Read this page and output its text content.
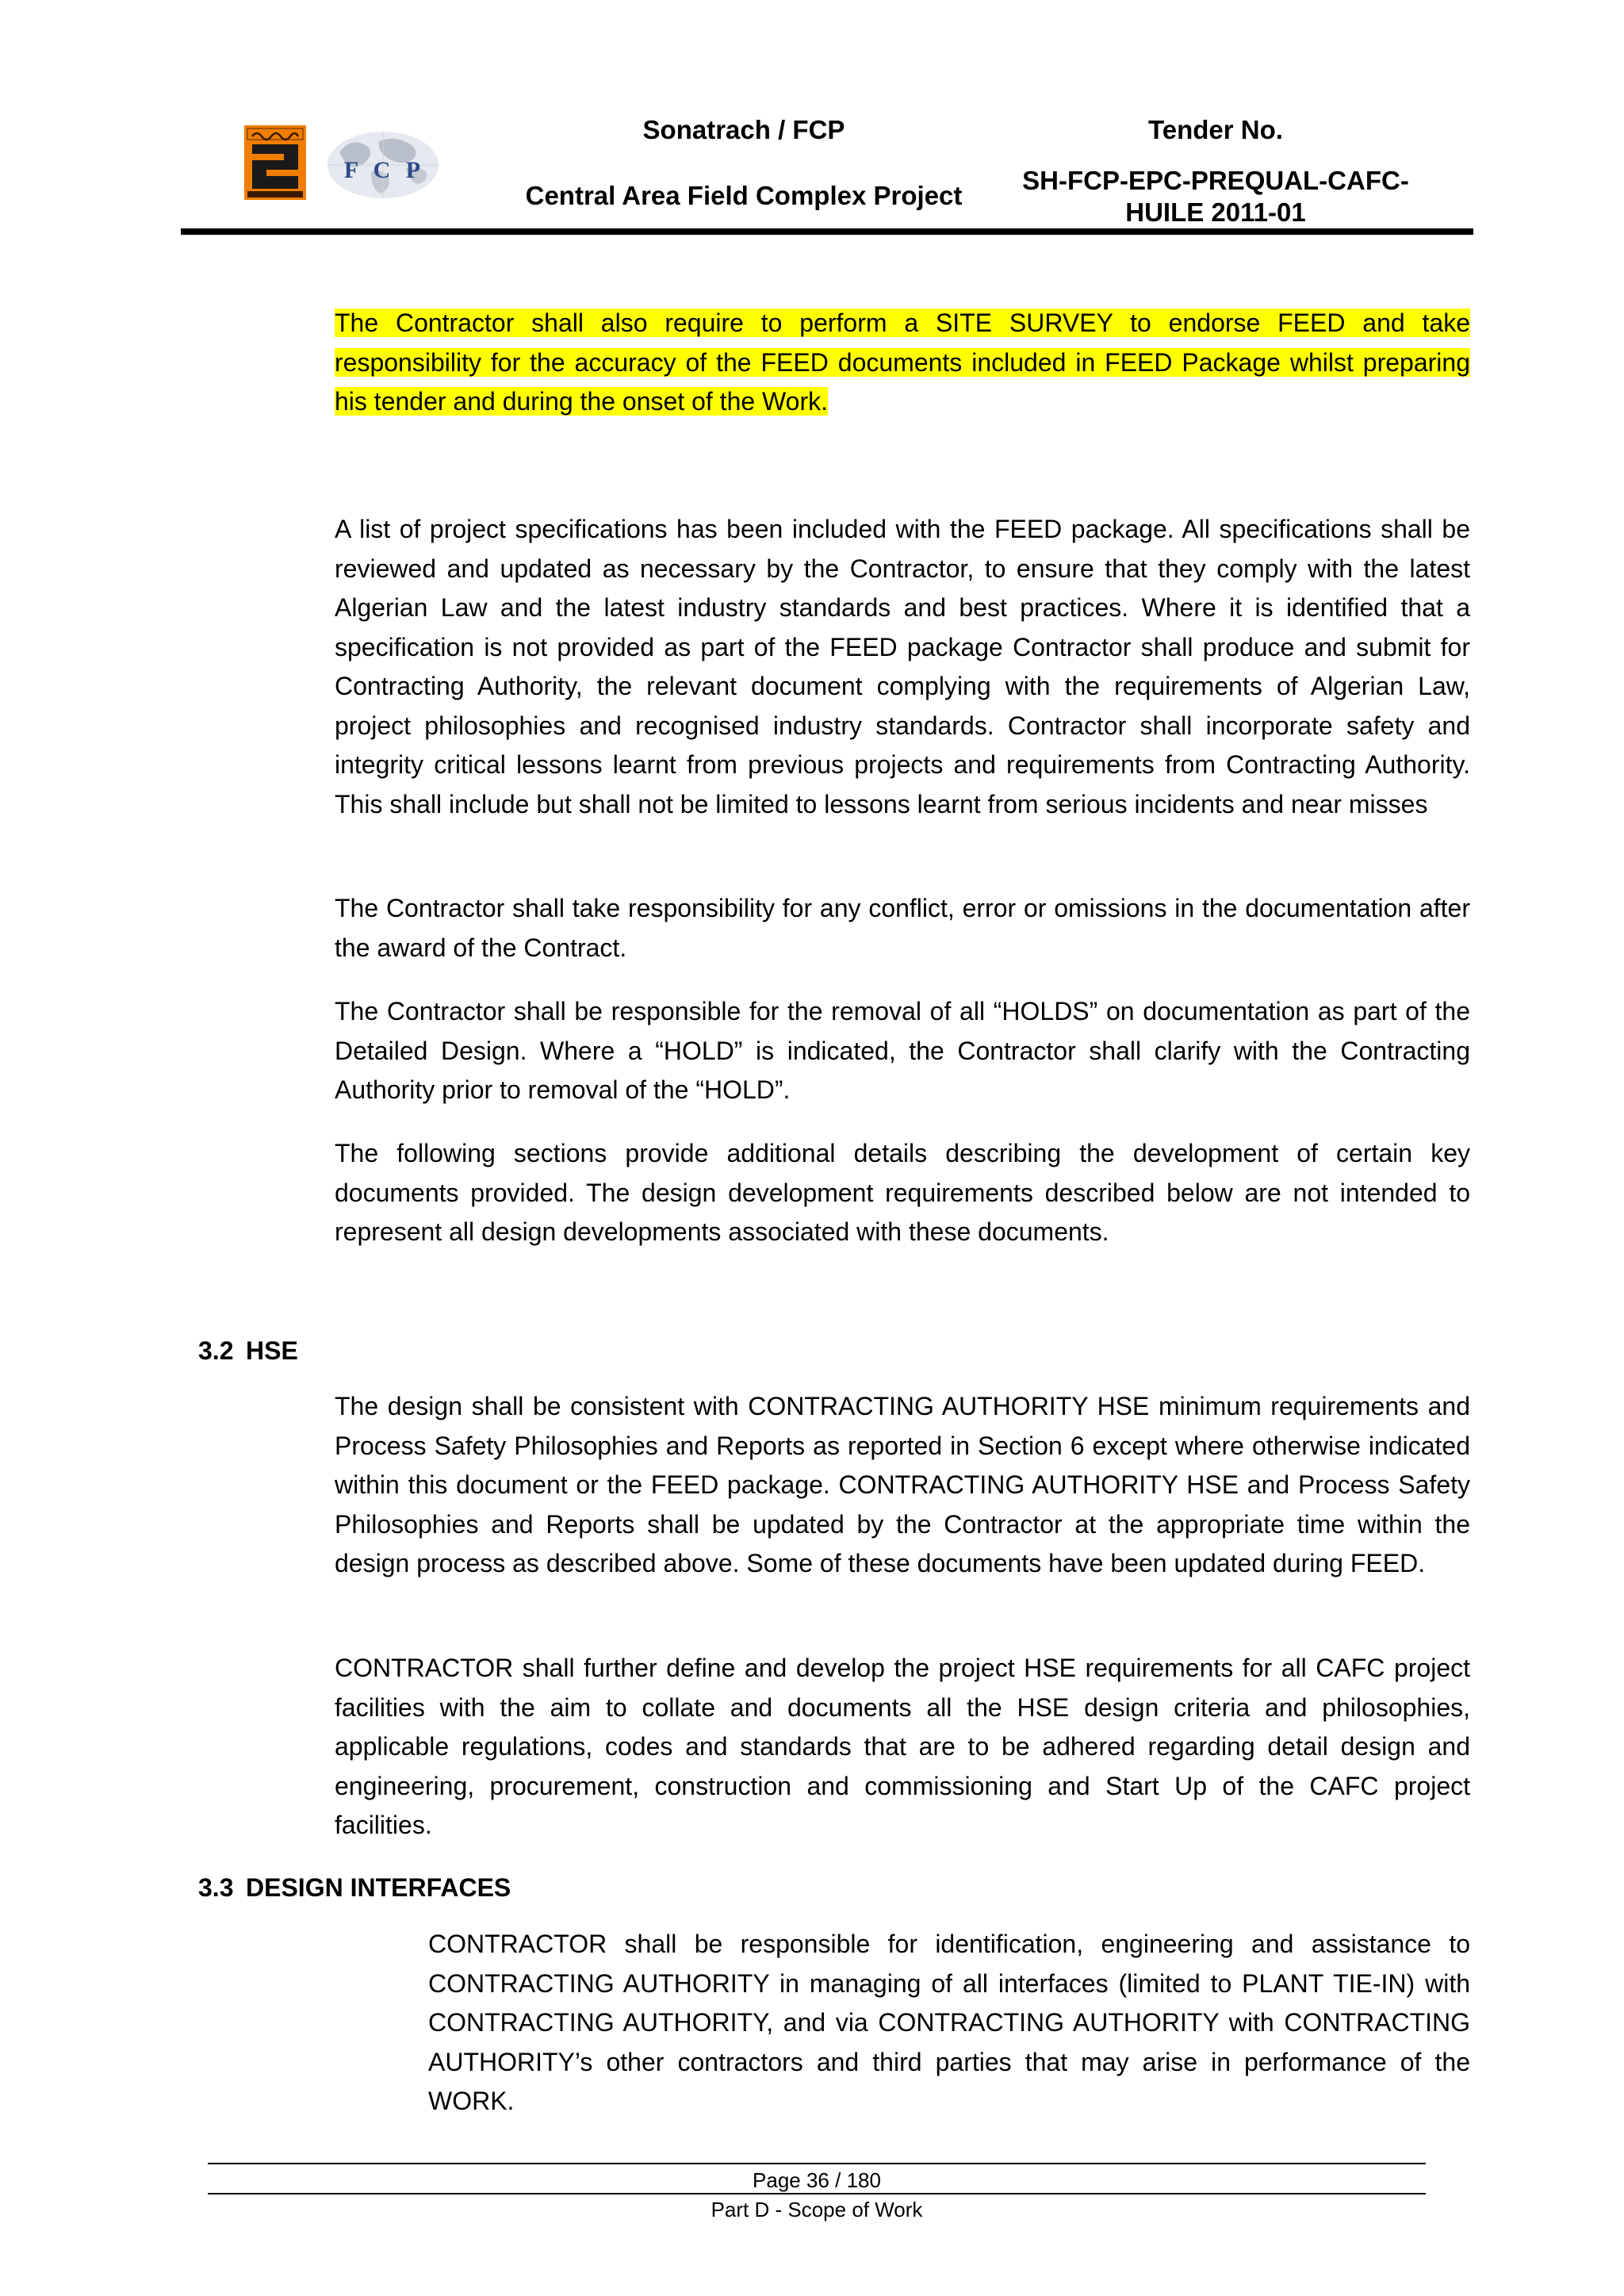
F C P
Sonatrach / FCP
Central Area Field Complex Project
Tender No.
SH-FCP-EPC-PREQUAL-CAFC-HUILE 2011-01
The Contractor shall also require to perform a SITE SURVEY to endorse FEED and take responsibility for the accuracy of the FEED documents included in FEED Package whilst preparing his tender and during the onset of the Work.
A list of project specifications has been included with the FEED package. All specifications shall be reviewed and updated as necessary by the Contractor, to ensure that they comply with the latest Algerian Law and the latest industry standards and best practices. Where it is identified that a specification is not provided as part of the FEED package Contractor shall produce and submit for Contracting Authority, the relevant document complying with the requirements of Algerian Law, project philosophies and recognised industry standards. Contractor shall incorporate safety and integrity critical lessons learnt from previous projects and requirements from Contracting Authority. This shall include but shall not be limited to lessons learnt from serious incidents and near misses
The Contractor shall take responsibility for any conflict, error or omissions in the documentation after the award of the Contract.
The Contractor shall be responsible for the removal of all “HOLDS” on documentation as part of the Detailed Design. Where a “HOLD” is indicated, the Contractor shall clarify with the Contracting Authority prior to removal of the “HOLD”.
The following sections provide additional details describing the development of certain key documents provided. The design development requirements described below are not intended to represent all design developments associated with these documents.
3.2 HSE
The design shall be consistent with CONTRACTING AUTHORITY HSE minimum requirements and Process Safety Philosophies and Reports as reported in Section 6 except where otherwise indicated within this document or the FEED package. CONTRACTING AUTHORITY HSE and Process Safety Philosophies and Reports shall be updated by the Contractor at the appropriate time within the design process as described above. Some of these documents have been updated during FEED.
CONTRACTOR shall further define and develop the project HSE requirements for all CAFC project facilities with the aim to collate and documents all the HSE design criteria and philosophies, applicable regulations, codes and standards that are to be adhered regarding detail design and engineering, procurement, construction and commissioning and Start Up of the CAFC project facilities.
3.3 DESIGN INTERFACES
CONTRACTOR shall be responsible for identification, engineering and assistance to CONTRACTING AUTHORITY in managing of all interfaces (limited to PLANT TIE-IN) with CONTRACTING AUTHORITY, and via CONTRACTING AUTHORITY with CONTRACTING AUTHORITY’s other contractors and third parties that may arise in performance of the WORK.
Page 36 / 180
Part D - Scope of Work
